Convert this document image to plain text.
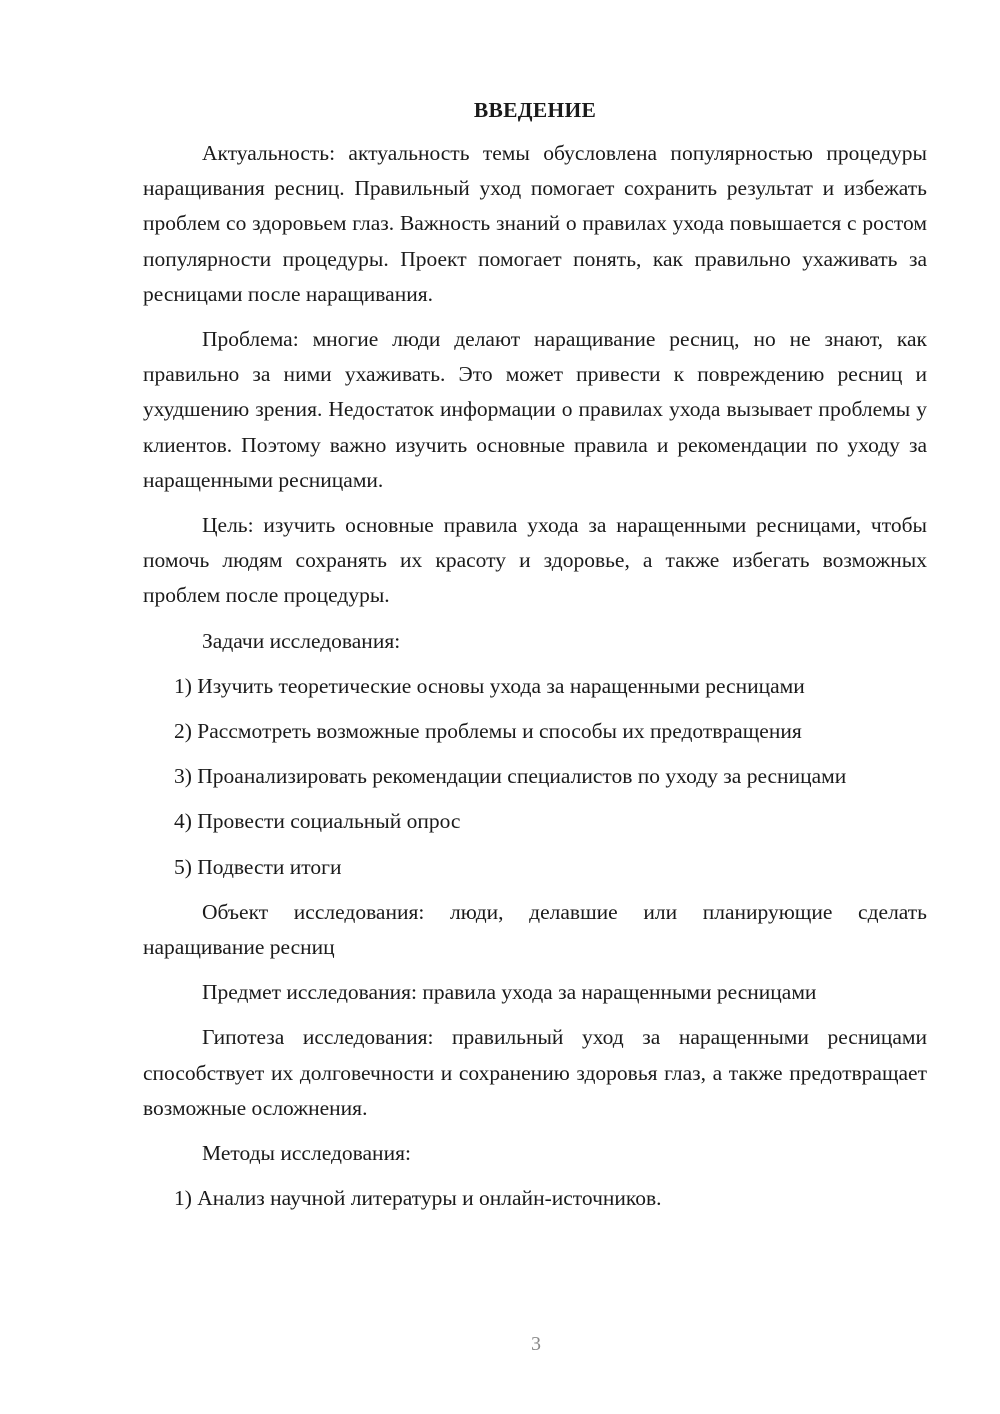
ВВЕДЕНИЕ

Актуальность: актуальность темы обусловлена популярностью процедуры наращивания ресниц. Правильный уход помогает сохранить результат и избежать проблем со здоровьем глаз. Важность знаний о правилах ухода повышается с ростом популярности процедуры. Проект помогает понять, как правильно ухаживать за ресницами после наращивания.

Проблема: многие люди делают наращивание ресниц, но не знают, как правильно за ними ухаживать. Это может привести к повреждению ресниц и ухудшению зрения. Недостаток информации о правилах ухода вызывает проблемы у клиентов. Поэтому важно изучить основные правила и рекомендации по уходу за наращенными ресницами.

Цель: изучить основные правила ухода за наращенными ресницами, чтобы помочь людям сохранять их красоту и здоровье, а также избегать возможных проблем после процедуры.

Задачи исследования:

1) Изучить теоретические основы ухода за наращенными ресницами

2) Рассмотреть возможные проблемы и способы их предотвращения

3) Проанализировать рекомендации специалистов по уходу за ресницами

4) Провести социальный опрос

5) Подвести итоги

Объект исследования: люди, делавшие или планирующие сделать наращивание ресниц

Предмет исследования: правила ухода за наращенными ресницами

Гипотеза исследования: правильный уход за наращенными ресницами способствует их долговечности и сохранению здоровья глаз, а также предотвращает возможные осложнения.

Методы исследования:

1) Анализ научной литературы и онлайн-источников.

3
